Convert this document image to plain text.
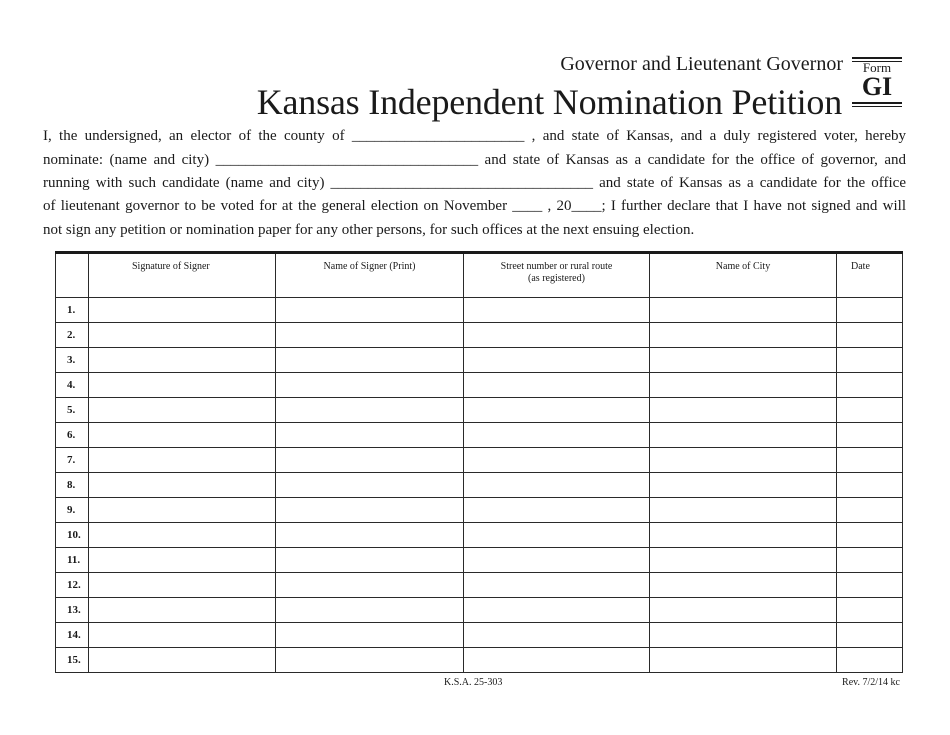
Governor and Lieutenant Governor
Kansas Independent Nomination Petition
Form
GI
I, the undersigned, an elector of the county of _______________________ , and state of Kansas, and a duly registered voter, hereby
nominate: (name and city) ___________________________________ and state of Kansas as a candidate for the office of governor, and
running with such candidate (name and city) ___________________________________ and state of Kansas as a candidate for the office
of lieutenant governor to be voted for at the general election on November ____ , 20____; I further declare that I have not signed and will
not sign any petition or nomination paper for any other persons, for such offices at the next ensuing election.
	Signature of Signer	Name of Signer (Print)	Street number or rural route
(as registered)	Name of City	Date
1.					
2.					
3.					
4.					
5.					
6.					
7.					
8.					
9.					
10.					
11.					
12.					
13.					
14.					
15.					
K.S.A. 25-303	Rev. 7/2/14 kc
